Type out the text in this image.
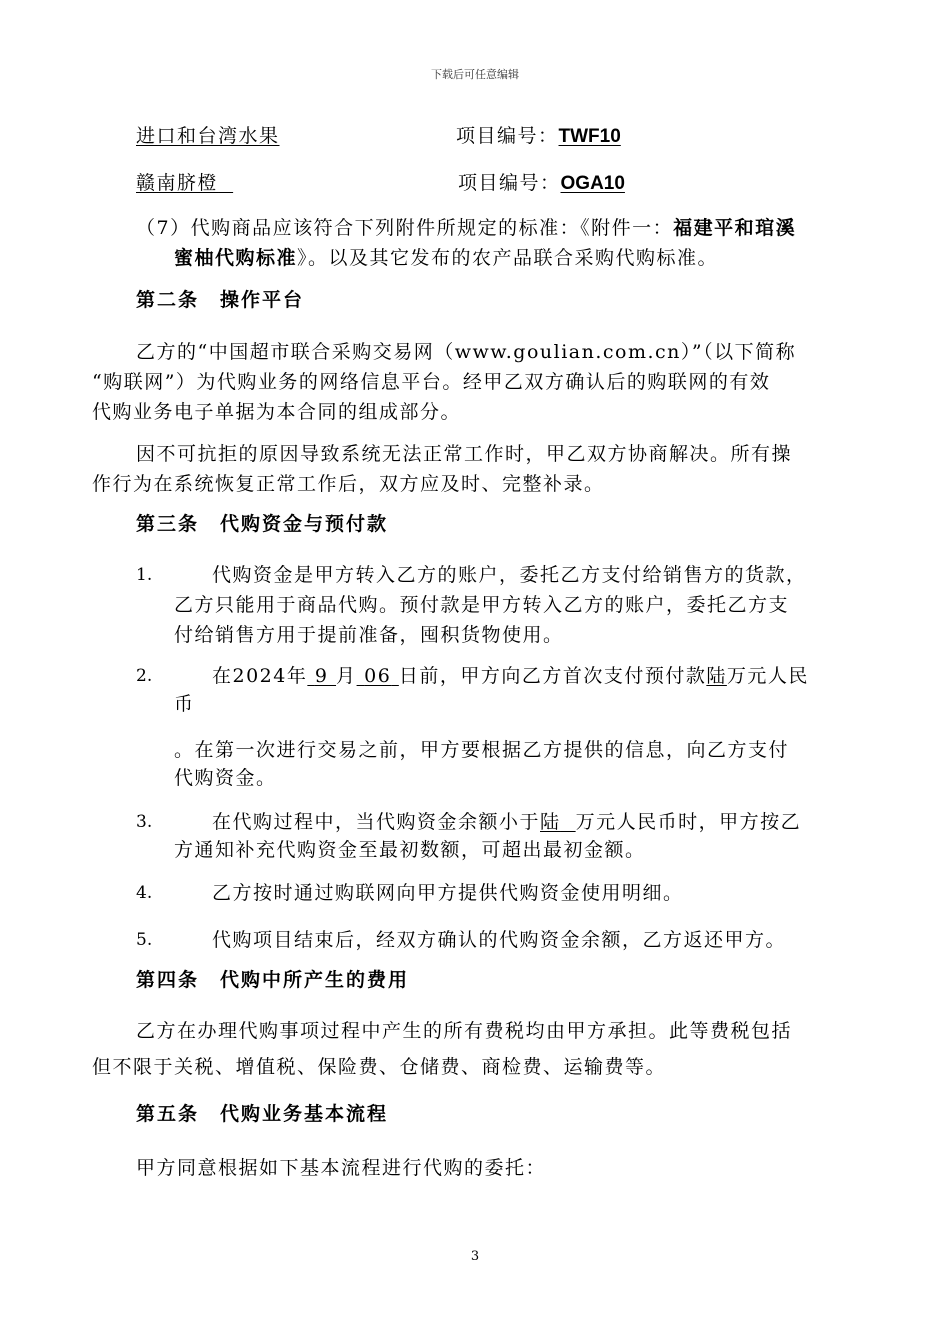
下载后可任意编辑
进口和台湾水果	项目编号：TWF10
赣南脐橙	项目编号：OGA10
（7）代购商品应该符合下列附件所规定的标准：《附件一：福建平和琯溪
蜜柚代购标准》。以及其它发布的农产品联合采购代购标准。
第二条　操作平台
乙方的“中国超市联合采购交易网（www.goulian.com.cn）”（以下简称
“购联网”）为代购业务的网络信息平台。经甲乙双方确认后的购联网的有效
代购业务电子单据为本合同的组成部分。
因不可抗拒的原因导致系统无法正常工作时，甲乙双方协商解决。所有操
作行为在系统恢复正常工作后，双方应及时、完整补录。
第三条　代购资金与预付款
1.	代购资金是甲方转入乙方的账户，委托乙方支付给销售方的货款，
乙方只能用于商品代购。预付款是甲方转入乙方的账户，委托乙方支
付给销售方用于提前准备，囤积货物使用。
2.	在2024年 9 月 06 日前，甲方向乙方首次支付预付款陆万元人民
币
。在第一次进行交易之前，甲方要根据乙方提供的信息，向乙方支付
代购资金。
3.	在代购过程中，当代购资金余额小于陆 万元人民币时，甲方按乙
方通知补充代购资金至最初数额，可超出最初金额。
4.	乙方按时通过购联网向甲方提供代购资金使用明细。
5.	代购项目结束后，经双方确认的代购资金余额，乙方返还甲方。
第四条　代购中所产生的费用
乙方在办理代购事项过程中产生的所有费税均由甲方承担。此等费税包括
但不限于关税、增值税、保险费、仓储费、商检费、运输费等。
第五条　代购业务基本流程
甲方同意根据如下基本流程进行代购的委托：
3
